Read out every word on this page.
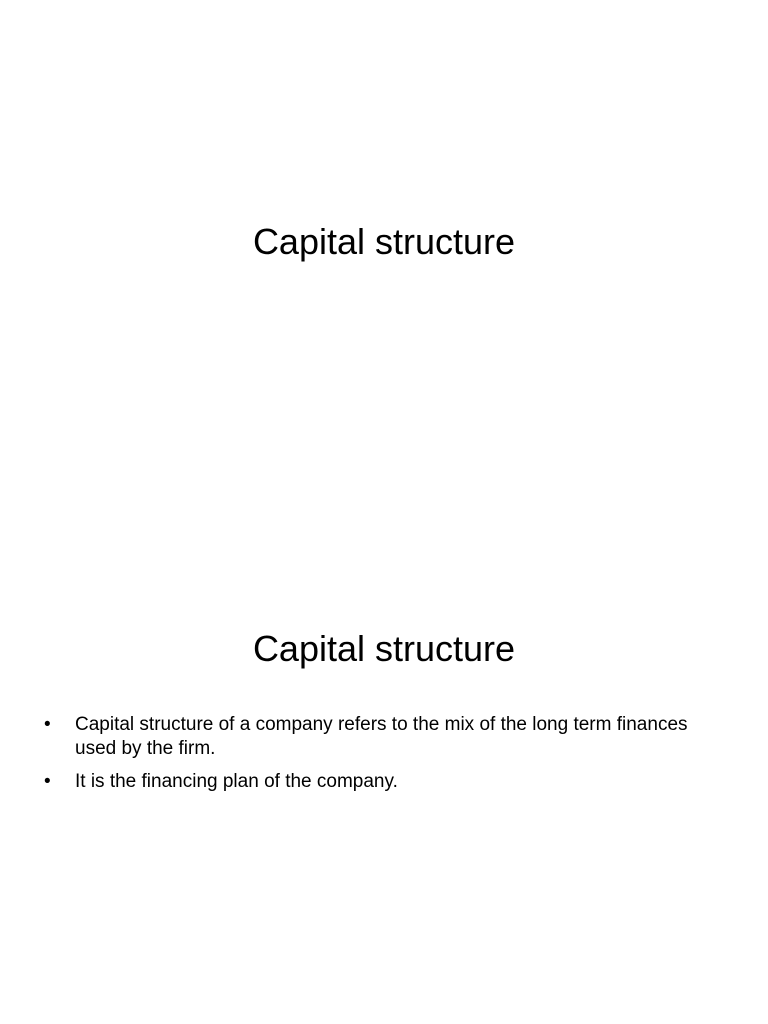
Capital structure
Capital structure
• Capital structure of a company refers to the mix of the long term finances used by the firm.
• It is the financing plan of the company.
